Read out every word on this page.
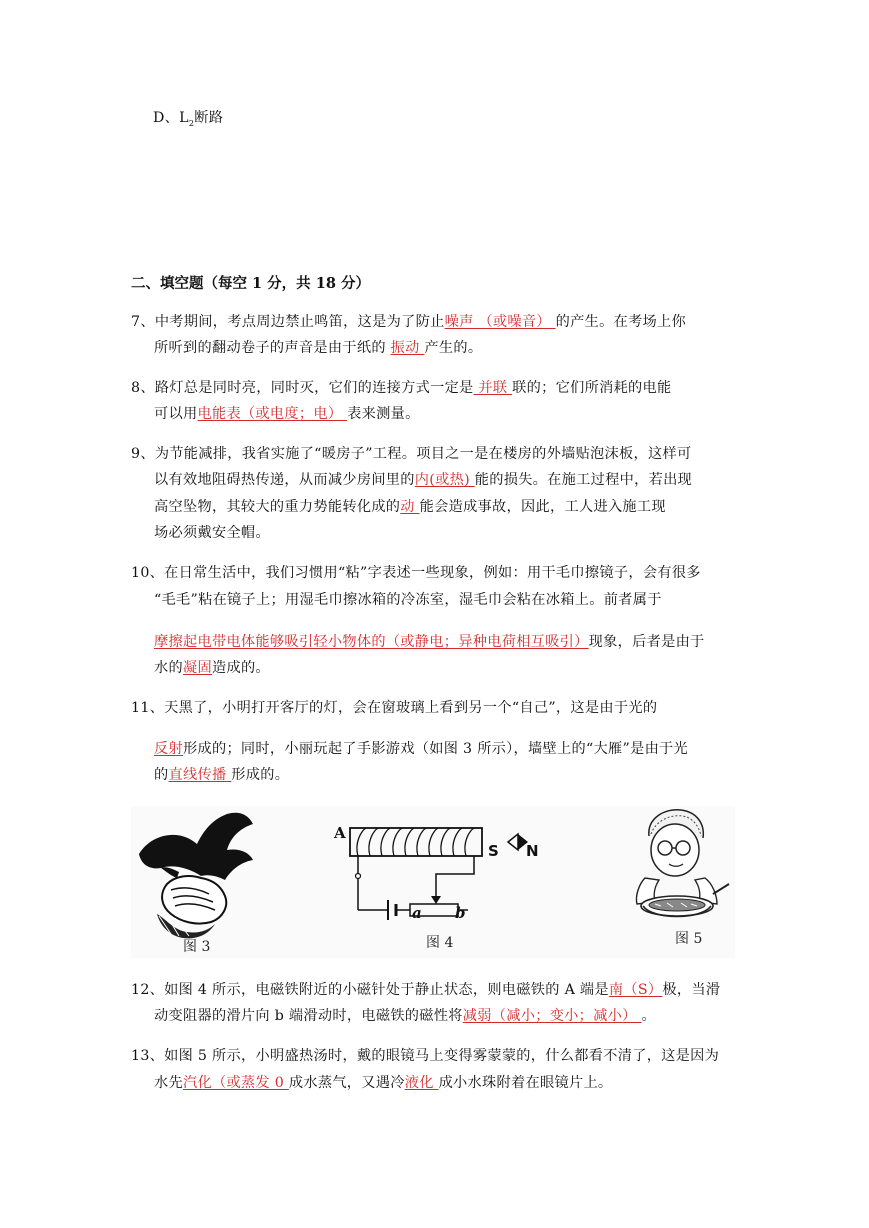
D、$L_2$断路
二、填空题（每空 1 分，共 18 分）
7、中考期间，考点周边禁止鸣笛，这是为了防止噪声 （或噪音） 的产生。在考场上你
所听到的翻动卷子的声音是由于纸的 振动 产生的。
8、路灯总是同时亮，同时灭，它们的连接方式一定是 并联 联的；它们所消耗的电能
可以用电能表（或电度；电） 表来测量。
9、为节能减排，我省实施了“暖房子”工程。项目之一是在楼房的外墙贴泡沫板，这样可
以有效地阻碍热传递，从而减少房间里的内(或热) 能的损失。在施工过程中，若出现
高空坠物，其较大的重力势能转化成的动 能会造成事故，因此，工人进入施工现
场必须戴安全帽。
10、在日常生活中，我们习惯用“粘”字表述一些现象，例如：用干毛巾擦镜子，会有很多
“毛毛”粘在镜子上；用湿毛巾擦冰箱的冷冻室，湿毛巾会粘在冰箱上。前者属于
摩擦起电带电体能够吸引轻小物体的（或静电；异种电荷相互吸引）现象，后者是由于
水的凝固造成的。
11、天黑了，小明打开客厅的灯，会在窗玻璃上看到另一个“自己”，这是由于光的
反射形成的；同时，小丽玩起了手影游戏（如图 3 所示），墙壁上的“大雁”是由于光
的直线传播 形成的。
图 3
A
S N
a b
图 4	图 5
12、如图 4 所示，电磁铁附近的小磁针处于静止状态，则电磁铁的 A 端是南（S）极，当滑
动变阻器的滑片向 b 端滑动时，电磁铁的磁性将减弱（减小；变小；减小） 。
13、如图 5 所示，小明盛热汤时，戴的眼镜马上变得雾蒙蒙的，什么都看不清了，这是因为
水先汽化（或蒸发 0 成水蒸气，又遇冷液化 成小水珠附着在眼镜片上。
